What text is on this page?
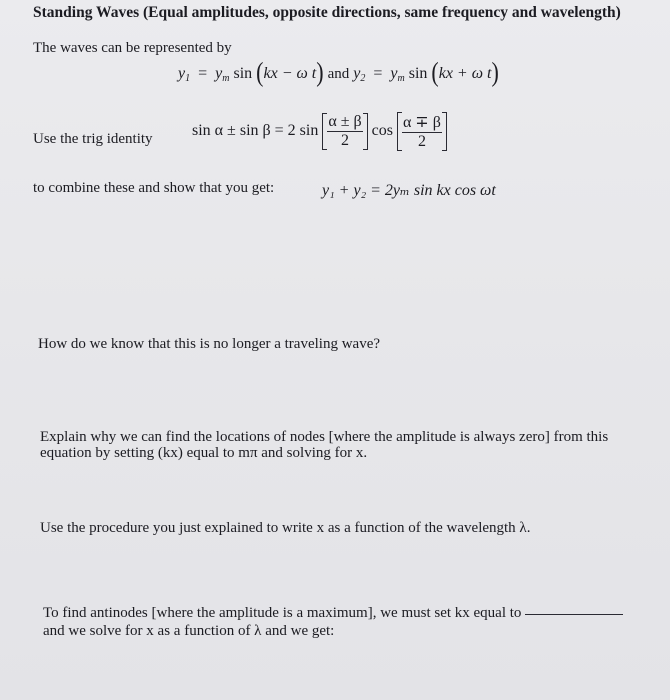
Standing Waves (Equal amplitudes, opposite directions, same frequency and wavelength)
The waves can be represented by
$y_1 = y_m$ sin (kx − ω t) and $y_2 = y_m$ sin (kx + ω t)
Use the trig identity sin α ± sin β = 2 $\sin \frac{\alpha \pm \beta}{2}$ $\cos \frac{\alpha \mp \beta}{2}$
to combine these and show that you get:	y₁ + y₂ = 2yₘ sin kx cos ωt
How do we know that this is no longer a traveling wave?
Explain why we can find the locations of nodes [where the amplitude is always zero] from this
equation by setting (kx) equal to mπ and solving for x.
Use the procedure you just explained to write x as a function of the wavelength λ.
To find antinodes [where the amplitude is a maximum], we must set kx equal to
and we solve for x as a function of λ and we get:
